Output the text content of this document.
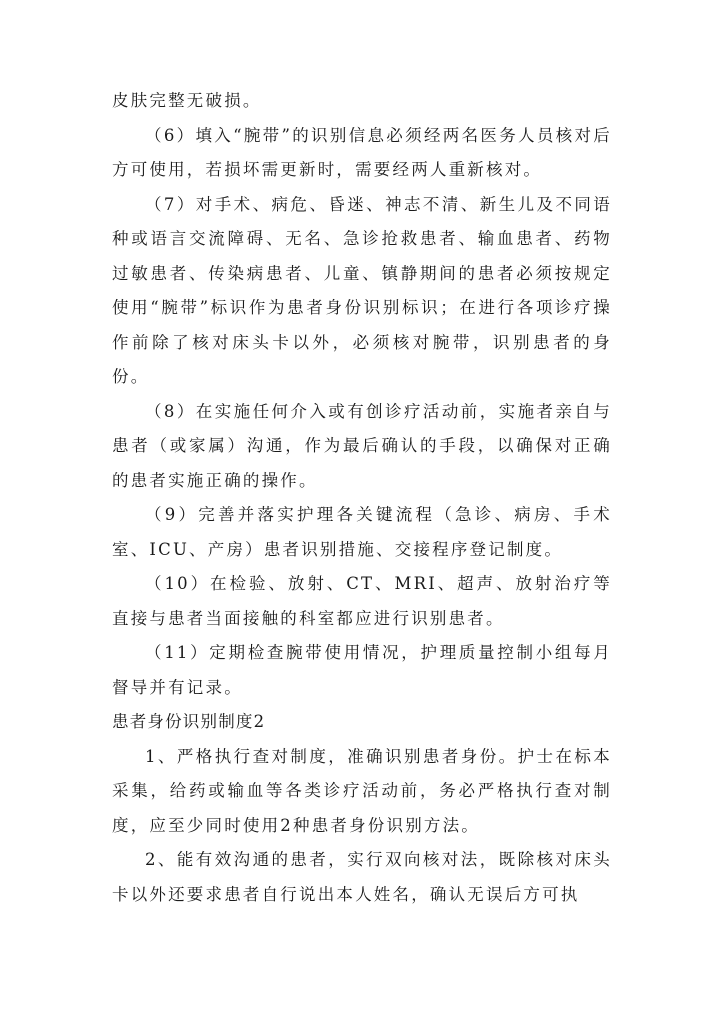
皮肤完整无破损。

（6）填入“腕带”的识别信息必须经两名医务人员核对后方可使用，若损坏需更新时，需要经两人重新核对。

（7）对手术、病危、昏迷、神志不清、新生儿及不同语种或语言交流障碍、无名、急诊抢救患者、输血患者、药物过敏患者、传染病患者、儿童、镇静期间的患者必须按规定使用“腕带”标识作为患者身份识别标识；在进行各项诊疗操作前除了核对床头卡以外，必须核对腕带，识别患者的身份。

（8）在实施任何介入或有创诊疗活动前，实施者亲自与患者（或家属）沟通，作为最后确认的手段，以确保对正确的患者实施正确的操作。

（9）完善并落实护理各关键流程（急诊、病房、手术室、ICU、产房）患者识别措施、交接程序登记制度。

（10）在检验、放射、CT、MRI、超声、放射治疗等直接与患者当面接触的科室都应进行识别患者。

（11）定期检查腕带使用情况，护理质量控制小组每月督导并有记录。

患者身份识别制度2

1、严格执行查对制度，准确识别患者身份。护士在标本采集，给药或输血等各类诊疗活动前，务必严格执行查对制度，应至少同时使用2种患者身份识别方法。

2、能有效沟通的患者，实行双向核对法，既除核对床头卡以外还要求患者自行说出本人姓名，确认无误后方可执
